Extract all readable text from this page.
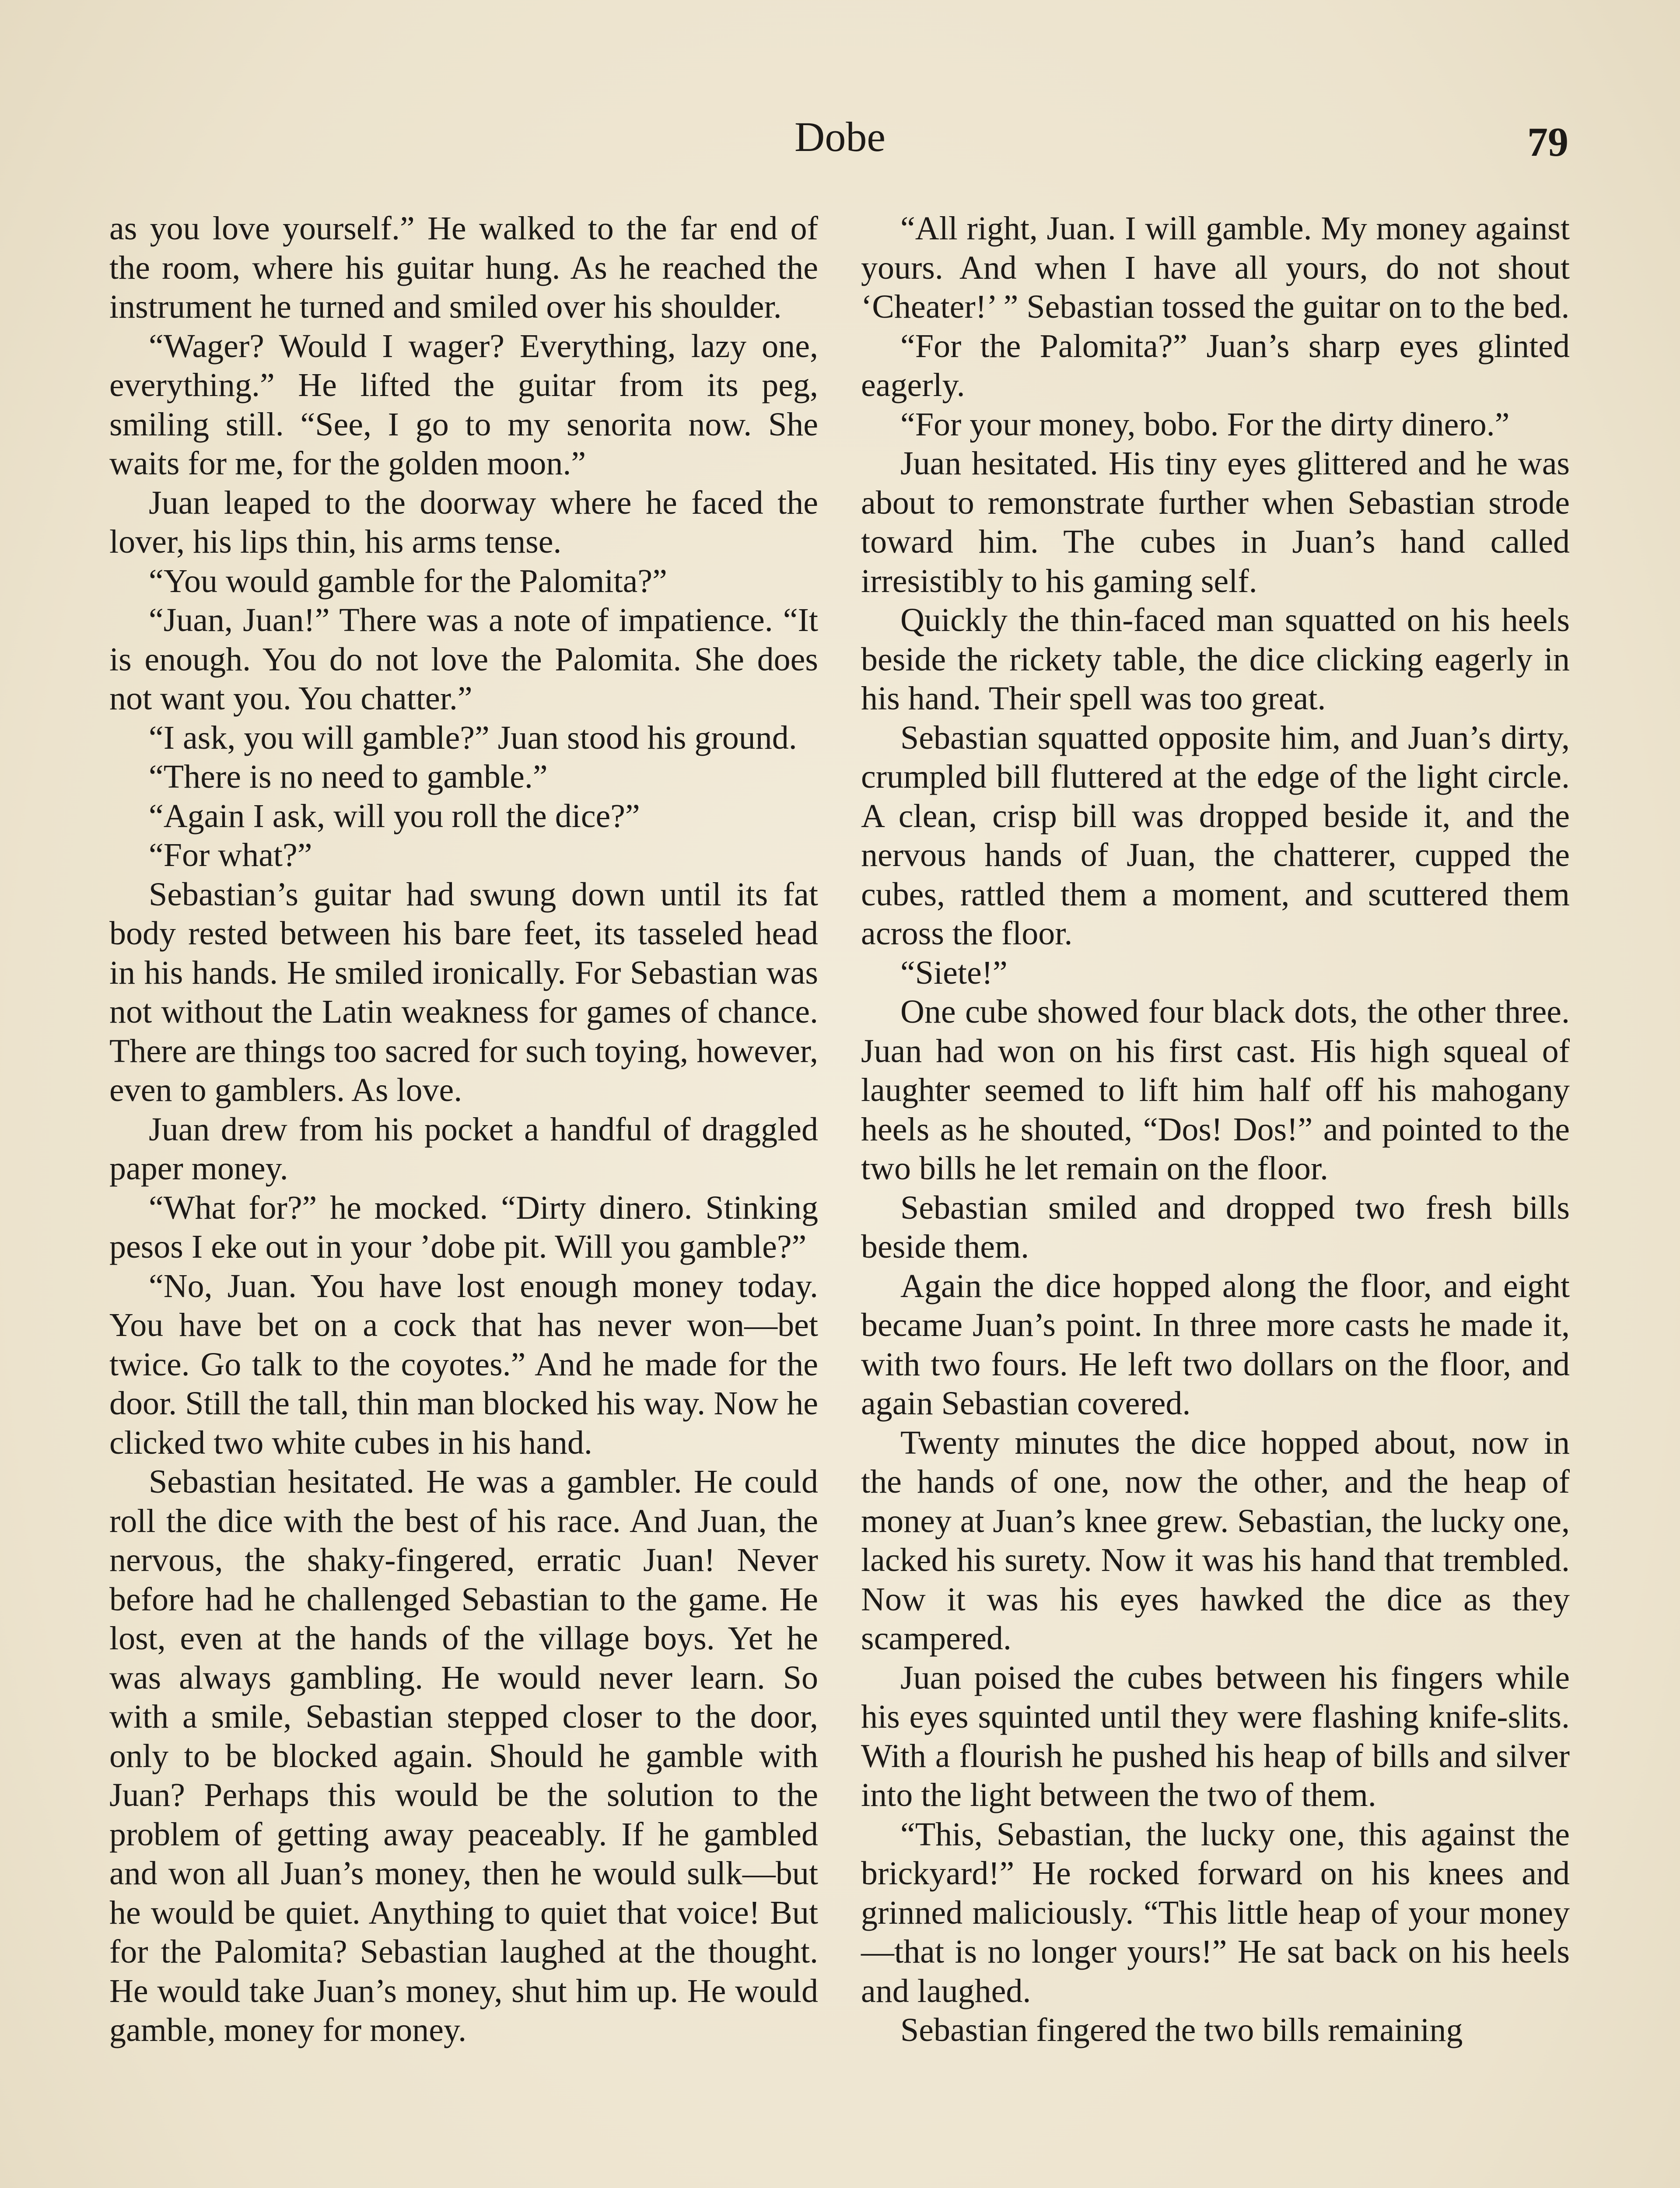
Dobe	79

as you love yourself.” He walked to the far end of the room, where his guitar hung. As he reached the instrument he turned and smiled over his shoulder.

“Wager? Would I wager? Everything, lazy one, everything.” He lifted the guitar from its peg, smiling still. “See, I go to my senorita now. She waits for me, for the golden moon.”

Juan leaped to the doorway where he faced the lover, his lips thin, his arms tense.

“You would gamble for the Palomita?”

“Juan, Juan!” There was a note of impatience. “It is enough. You do not love the Palomita. She does not want you. You chatter.”

“I ask, you will gamble?” Juan stood his ground.

“There is no need to gamble.”

“Again I ask, will you roll the dice?”

“For what?”

Sebastian’s guitar had swung down until its fat body rested between his bare feet, its tasseled head in his hands. He smiled ironically. For Sebastian was not without the Latin weakness for games of chance. There are things too sacred for such toying, however, even to gamblers. As love.

Juan drew from his pocket a handful of draggled paper money.

“What for?” he mocked. “Dirty dinero. Stinking pesos I eke out in your ’dobe pit. Will you gamble?”

“No, Juan. You have lost enough money today. You have bet on a cock that has never won—bet twice. Go talk to the coyotes.” And he made for the door. Still the tall, thin man blocked his way. Now he clicked two white cubes in his hand.

Sebastian hesitated. He was a gambler. He could roll the dice with the best of his race. And Juan, the nervous, the shaky-fingered, erratic Juan! Never before had he challenged Sebastian to the game. He lost, even at the hands of the village boys. Yet he was always gambling. He would never learn. So with a smile, Sebastian stepped closer to the door, only to be blocked again. Should he gamble with Juan? Perhaps this would be the solution to the problem of getting away peaceably. If he gambled and won all Juan’s money, then he would sulk—but he would be quiet. Anything to quiet that voice! But for the Palomita? Sebastian laughed at the thought. He would take Juan’s money, shut him up. He would gamble, money for money.

“All right, Juan. I will gamble. My money against yours. And when I have all yours, do not shout ‘Cheater!’ ” Sebastian tossed the guitar on to the bed.

“For the Palomita?” Juan’s sharp eyes glinted eagerly.

“For your money, bobo. For the dirty dinero.”

Juan hesitated. His tiny eyes glittered and he was about to remonstrate further when Sebastian strode toward him. The cubes in Juan’s hand called irresistibly to his gaming self.

Quickly the thin-faced man squatted on his heels beside the rickety table, the dice clicking eagerly in his hand. Their spell was too great.

Sebastian squatted opposite him, and Juan’s dirty, crumpled bill fluttered at the edge of the light circle. A clean, crisp bill was dropped beside it, and the nervous hands of Juan, the chatterer, cupped the cubes, rattled them a moment, and scuttered them across the floor.

“Siete!”

One cube showed four black dots, the other three. Juan had won on his first cast. His high squeal of laughter seemed to lift him half off his mahogany heels as he shouted, “Dos! Dos!” and pointed to the two bills he let remain on the floor.

Sebastian smiled and dropped two fresh bills beside them.

Again the dice hopped along the floor, and eight became Juan’s point. In three more casts he made it, with two fours. He left two dollars on the floor, and again Sebastian covered.

Twenty minutes the dice hopped about, now in the hands of one, now the other, and the heap of money at Juan’s knee grew. Sebastian, the lucky one, lacked his surety. Now it was his hand that trembled. Now it was his eyes hawked the dice as they scampered.

Juan poised the cubes between his fingers while his eyes squinted until they were flashing knife-slits. With a flourish he pushed his heap of bills and silver into the light between the two of them.

“This, Sebastian, the lucky one, this against the brickyard!” He rocked forward on his knees and grinned maliciously. “This little heap of your money—that is no longer yours!” He sat back on his heels and laughed.

Sebastian fingered the two bills remaining
